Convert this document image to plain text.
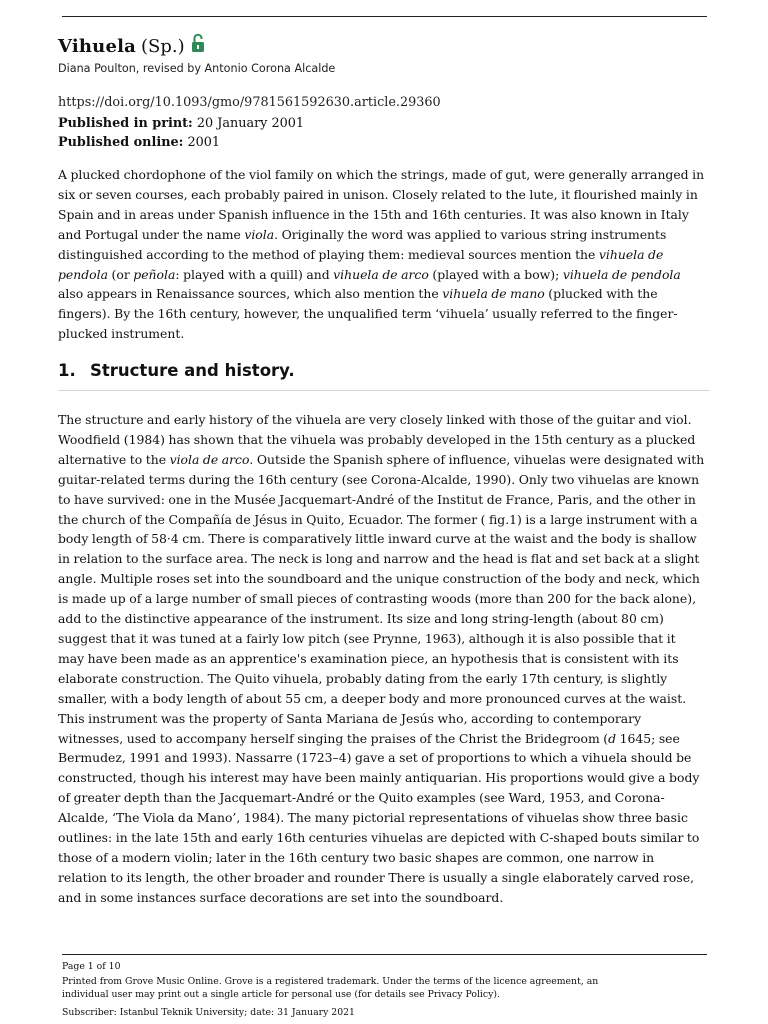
Vihuela (Sp.)
Diana Poulton, revised by Antonio Corona Alcalde
https://doi.org/10.1093/gmo/9781561592630.article.29360
Published in print: 20 January 2001
Published online: 2001
A plucked chordophone of the viol family on which the strings, made of gut, were generally arranged in
six or seven courses, each probably paired in unison. Closely related to the lute, it flourished mainly in
Spain and in areas under Spanish influence in the 15th and 16th centuries. It was also known in Italy
and Portugal under the name viola. Originally the word was applied to various string instruments
distinguished according to the method of playing them: medieval sources mention the vihuela de
pendola (or peñola: played with a quill) and vihuela de arco (played with a bow); vihuela de pendola
also appears in Renaissance sources, which also mention the vihuela de mano (plucked with the
fingers). By the 16th century, however, the unqualified term ‘vihuela’ usually referred to the finger-
plucked instrument.
1. Structure and history.
The structure and early history of the vihuela are very closely linked with those of the guitar and viol.
Woodfield (1984) has shown that the vihuela was probably developed in the 15th century as a plucked
alternative to the viola de arco. Outside the Spanish sphere of influence, vihuelas were designated with
guitar-related terms during the 16th century (see Corona-Alcalde, 1990). Only two vihuelas are known
to have survived: one in the Musée Jacquemart-André of the Institut de France, Paris, and the other in
the church of the Compañía de Jésus in Quito, Ecuador. The former ( fig.1) is a large instrument with a
body length of 58·4 cm. There is comparatively little inward curve at the waist and the body is shallow
in relation to the surface area. The neck is long and narrow and the head is flat and set back at a slight
angle. Multiple roses set into the soundboard and the unique construction of the body and neck, which
is made up of a large number of small pieces of contrasting woods (more than 200 for the back alone),
add to the distinctive appearance of the instrument. Its size and long string-length (about 80 cm)
suggest that it was tuned at a fairly low pitch (see Prynne, 1963), although it is also possible that it
may have been made as an apprentice's examination piece, an hypothesis that is consistent with its
elaborate construction. The Quito vihuela, probably dating from the early 17th century, is slightly
smaller, with a body length of about 55 cm, a deeper body and more pronounced curves at the waist.
This instrument was the property of Santa Mariana de Jesús who, according to contemporary
witnesses, used to accompany herself singing the praises of the Christ the Bridegroom (d 1645; see
Bermudez, 1991 and 1993). Nassarre (1723–4) gave a set of proportions to which a vihuela should be
constructed, though his interest may have been mainly antiquarian. His proportions would give a body
of greater depth than the Jacquemart-André or the Quito examples (see Ward, 1953, and Corona-
Alcalde, ‘The Viola da Mano’, 1984). The many pictorial representations of vihuelas show three basic
outlines: in the late 15th and early 16th centuries vihuelas are depicted with C-shaped bouts similar to
those of a modern violin; later in the 16th century two basic shapes are common, one narrow in
relation to its length, the other broader and rounder There is usually a single elaborately carved rose,
and in some instances surface decorations are set into the soundboard.
Page 1 of 10
Printed from Grove Music Online. Grove is a registered trademark. Under the terms of the licence agreement, an
individual user may print out a single article for personal use (for details see Privacy Policy).
Subscriber: Istanbul Teknik University; date: 31 January 2021
